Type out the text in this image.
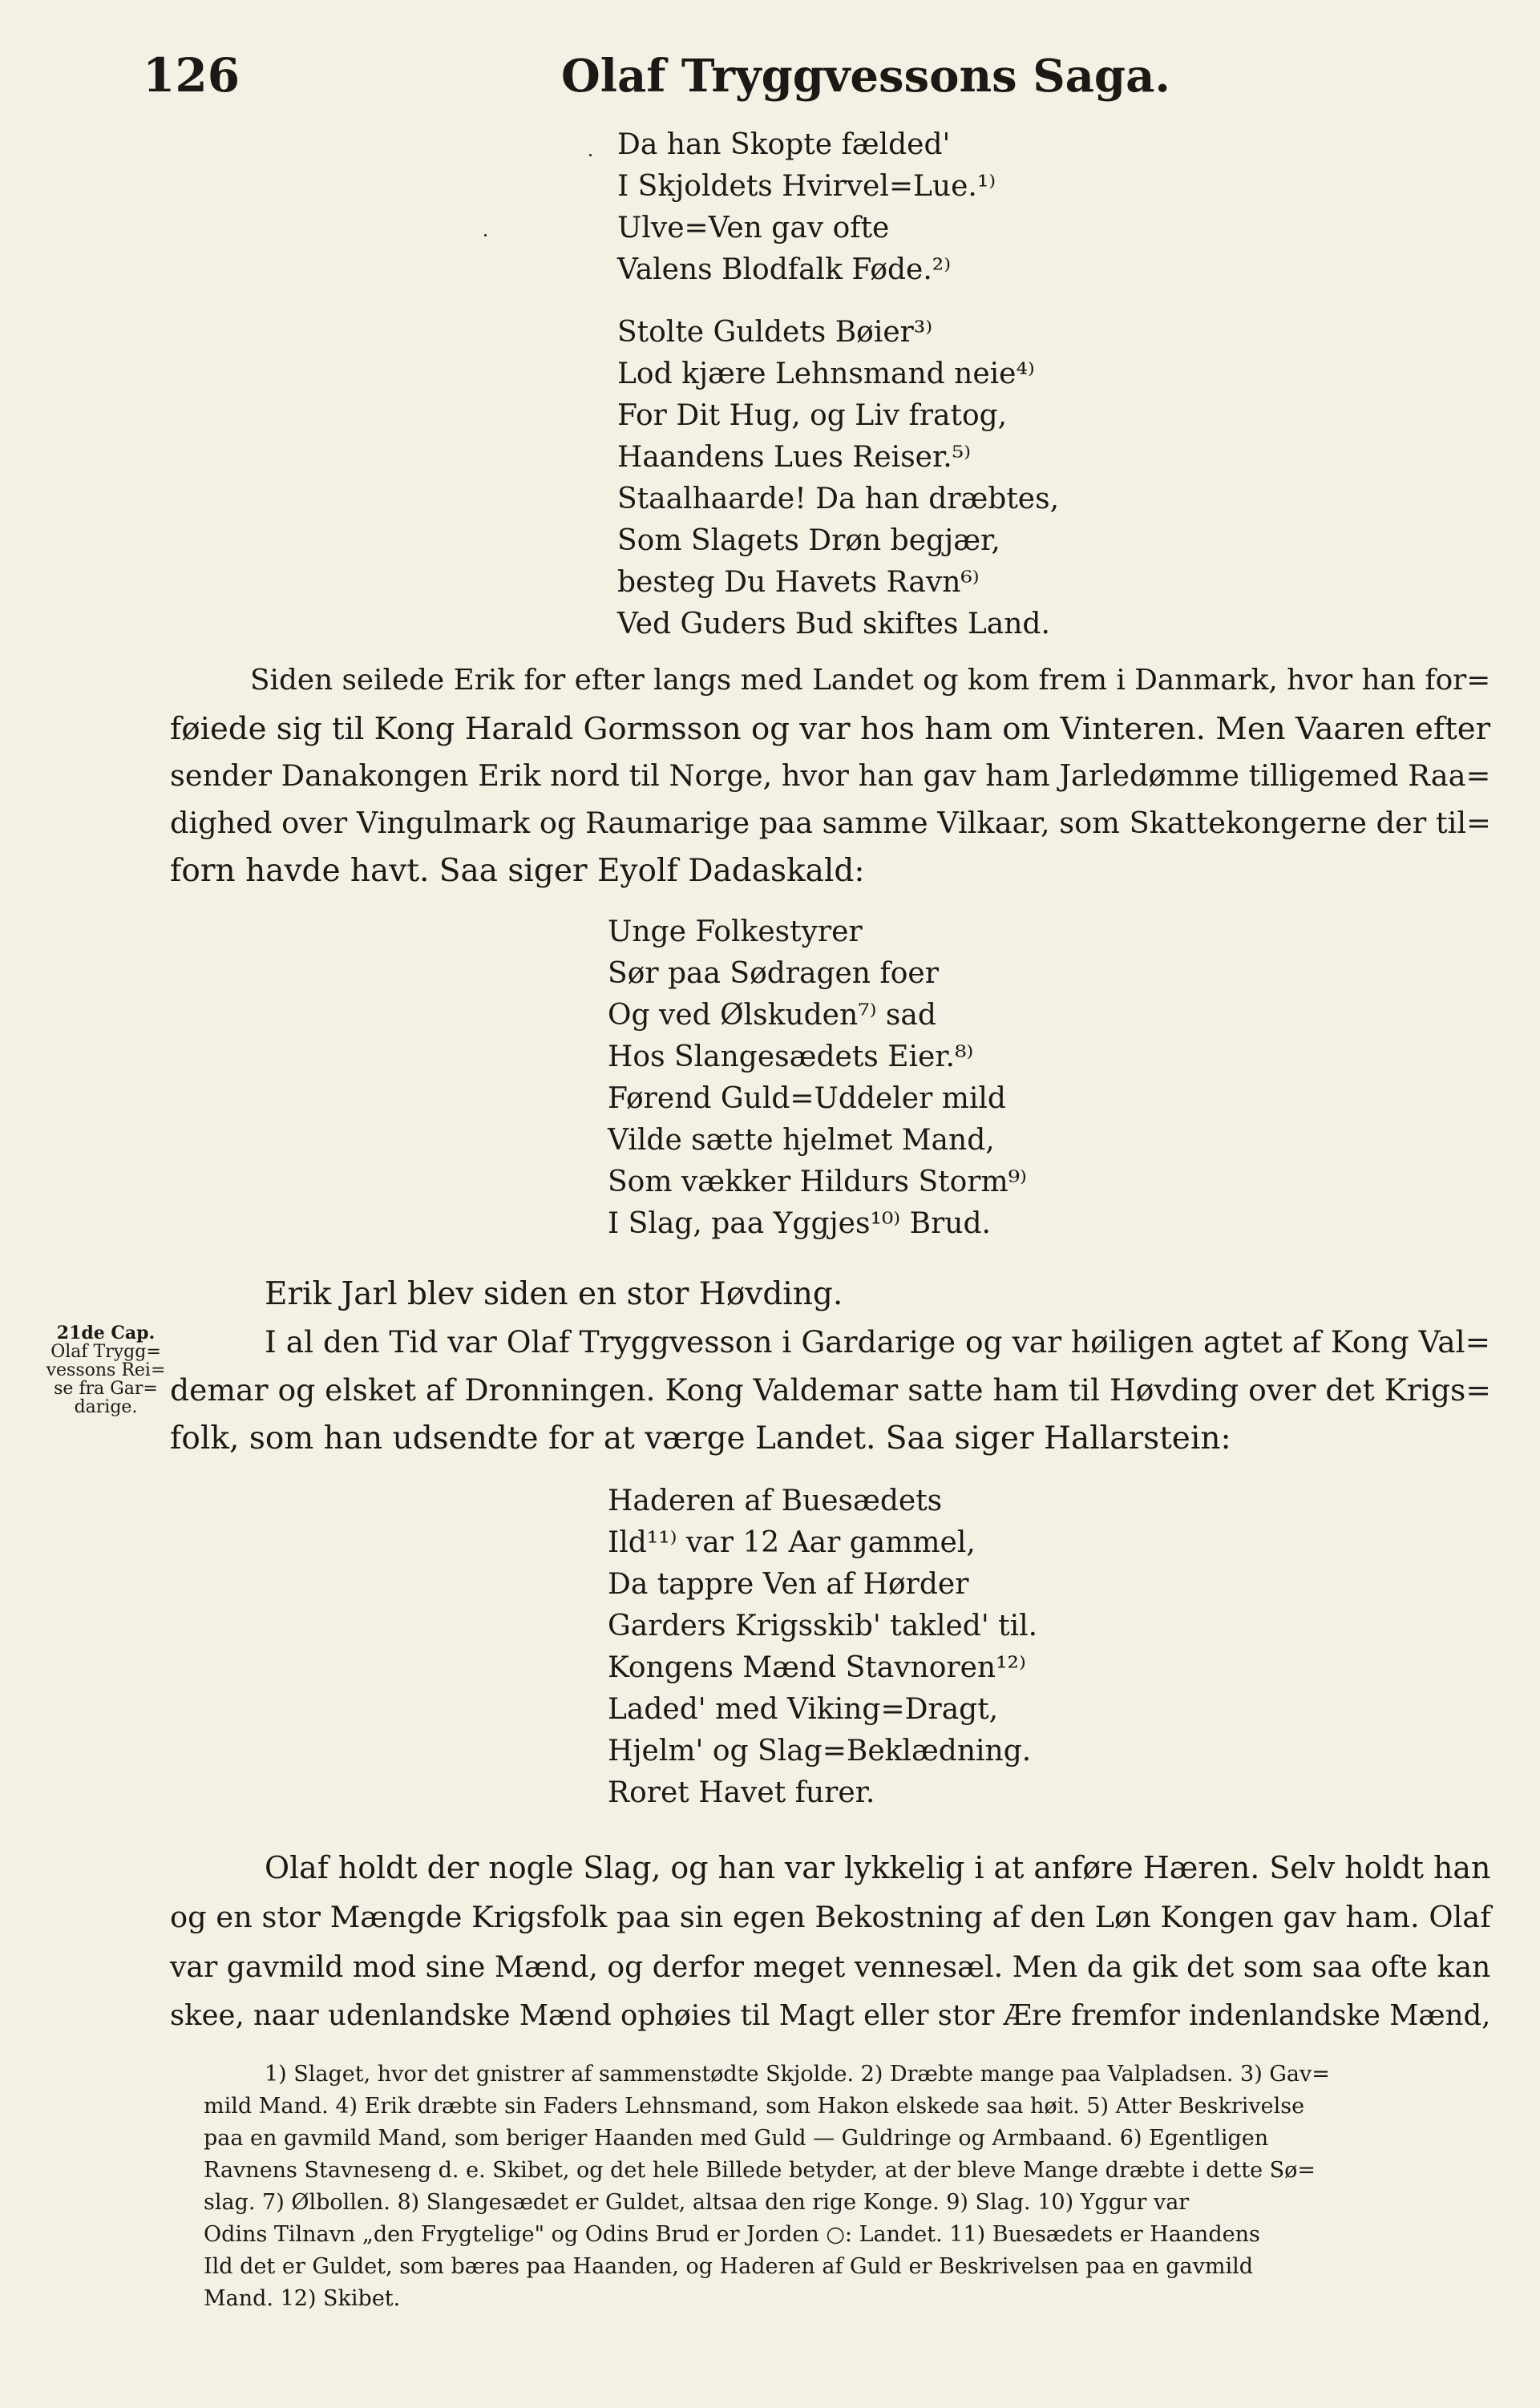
126	Olaf Tryggvessons Saga.
Da han Skopte fælded'
I Skjoldets Hvirvel=Lue.¹⁾
Ulve=Ven gav ofte
Valens Blodfalk Føde.²⁾
Stolte Guldets Bøier³⁾
Lod kjære Lehnsmand neie⁴⁾
For Dit Hug, og Liv fratog,
Haandens Lues Reiser.⁵⁾
Staalhaarde! Da han dræbtes,
Som Slagets Drøn begjær,
besteg Du Havets Ravn⁶⁾
Ved Guders Bud skiftes Land.
Siden seilede Erik for efter langs med Landet og kom frem i Danmark, hvor han for=
føiede sig til Kong Harald Gormsson og var hos ham om Vinteren. Men Vaaren efter
sender Danakongen Erik nord til Norge, hvor han gav ham Jarledømme tilligemed Raa=
dighed over Vingulmark og Raumarige paa samme Vilkaar, som Skattekongerne der til=
forn havde havt. Saa siger Eyolf Dadaskald:
Unge Folkestyrer
Sør paa Sødragen foer
Og ved Ølskuden⁷⁾ sad
Hos Slangesædets Eier.⁸⁾
Førend Guld=Uddeler mild
Vilde sætte hjelmet Mand,
Som vækker Hildurs Storm⁹⁾
I Slag, paa Yggjes¹⁰⁾ Brud.
21de Cap.
Olaf Trygg=
vessons Rei=
se fra Gar=
darige.
Erik Jarl blev siden en stor Høvding.
I al den Tid var Olaf Tryggvesson i Gardarige og var høiligen agtet af Kong Val=
demar og elsket af Dronningen. Kong Valdemar satte ham til Høvding over det Krigs=
folk, som han udsendte for at værge Landet. Saa siger Hallarstein:
Haderen af Buesædets
Ild¹¹⁾ var 12 Aar gammel,
Da tappre Ven af Hørder
Garders Krigsskib' takled' til.
Kongens Mænd Stavnoren¹²⁾
Laded' med Viking=Dragt,
Hjelm' og Slag=Beklædning.
Roret Havet furer.
Olaf holdt der nogle Slag, og han var lykkelig i at anføre Hæren. Selv holdt han
og en stor Mængde Krigsfolk paa sin egen Bekostning af den Løn Kongen gav ham. Olaf
var gavmild mod sine Mænd, og derfor meget vennesæl. Men da gik det som saa ofte kan
skee, naar udenlandske Mænd ophøies til Magt eller stor Ære fremfor indenlandske Mænd,
1) Slaget, hvor det gnistrer af sammenstødte Skjolde. 2) Dræbte mange paa Valpladsen. 3) Gav=
mild Mand. 4) Erik dræbte sin Faders Lehnsmand, som Hakon elskede saa høit. 5) Atter Beskrivelse
paa en gavmild Mand, som beriger Haanden med Guld — Guldringe og Armbaand. 6) Egentligen
Ravnens Stavneseng d. e. Skibet, og det hele Billede betyder, at der bleve Mange dræbte i dette Sø=
slag. 7) Ølbollen. 8) Slangesædet er Guldet, altsaa den rige Konge. 9) Slag. 10) Yggur var
Odins Tilnavn „den Frygtelige" og Odins Brud er Jorden ○: Landet. 11) Buesædets er Haandens
Ild det er Guldet, som bæres paa Haanden, og Haderen af Guld er Beskrivelsen paa en gavmild
Mand. 12) Skibet.
